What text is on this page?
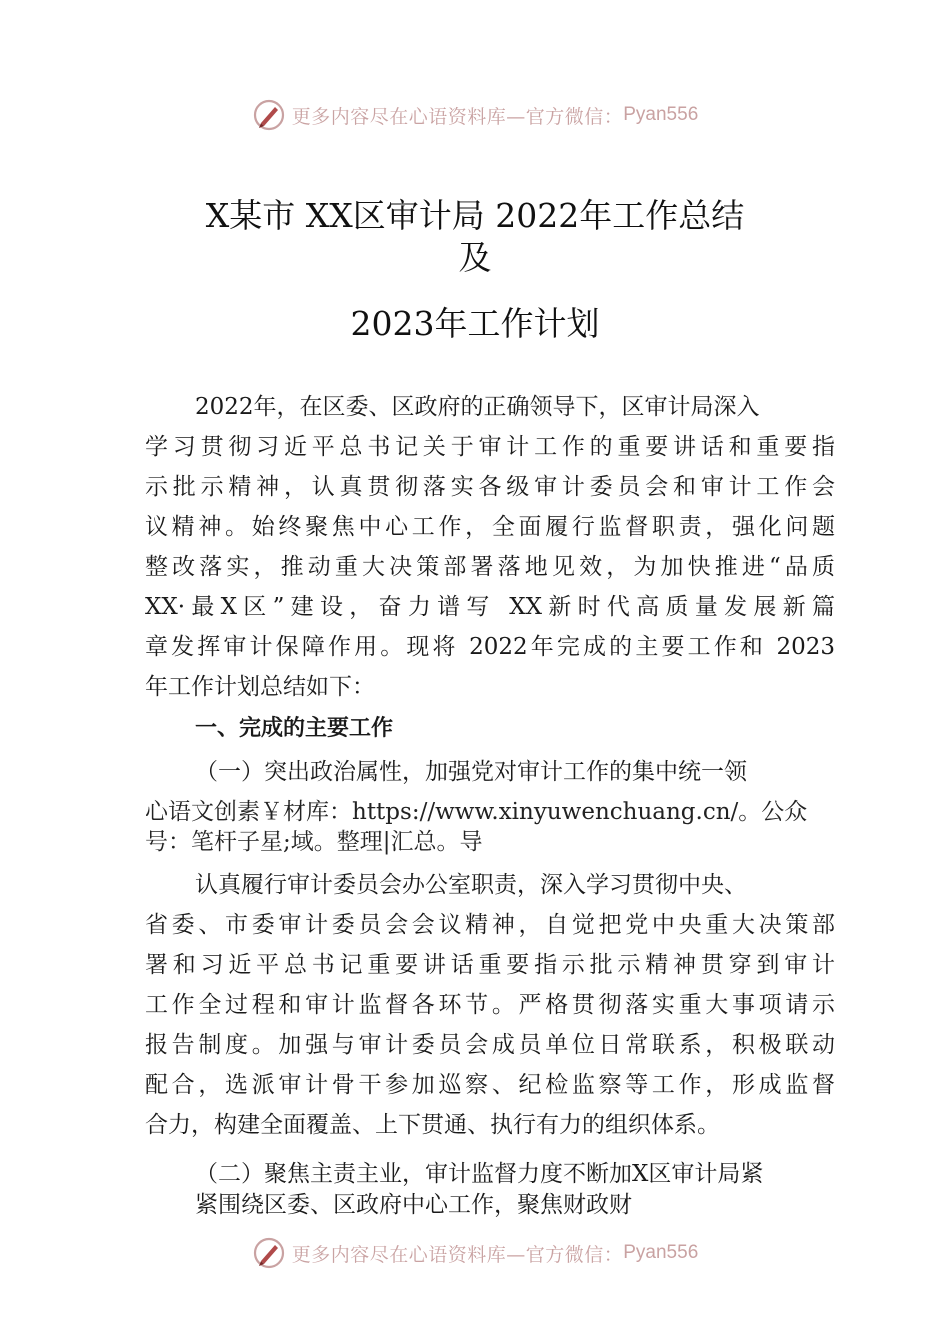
更多内容尽在心语资料库—官方微信： Pyan556
X某市 XX区审计局 2022年工作总结
及
2023年工作计划
2022年，在区委、区政府的正确领导下，区审计局深入
学习贯彻习近平总书记关于审计工作的重要讲话和重要指
示批示精神，认真贯彻落实各级审计委员会和审计工作会
议精神。始终聚焦中心工作，全面履行监督职责，强化问题
整改落实，推动重大决策部署落地见效，为加快推进“品质
XX·最X区”建设，奋力谱写 XX新时代高质量发展新篇
章发挥审计保障作用。现将 2022年完成的主要工作和 2023
年工作计划总结如下：
一、完成的主要工作
（一）突出政治属性，加强党对审计工作的集中统一领
心语文创素￥材库：https://www.xinyuwenchuang.cn/。公众
号：笔杆子星;域。整理|汇总。导
认真履行审计委员会办公室职责，深入学习贯彻中央、
省委、市委审计委员会会议精神，自觉把党中央重大决策部
署和习近平总书记重要讲话重要指示批示精神贯穿到审计
工作全过程和审计监督各环节。严格贯彻落实重大事项请示
报告制度。加强与审计委员会成员单位日常联系，积极联动
配合，选派审计骨干参加巡察、纪检监察等工作，形成监督
合力，构建全面覆盖、上下贯通、执行有力的组织体系。
（二）聚焦主责主业，审计监督力度不断加X区审计局紧
紧围绕区委、区政府中心工作，聚焦财政财
更多内容尽在心语资料库—官方微信： Pyan556
